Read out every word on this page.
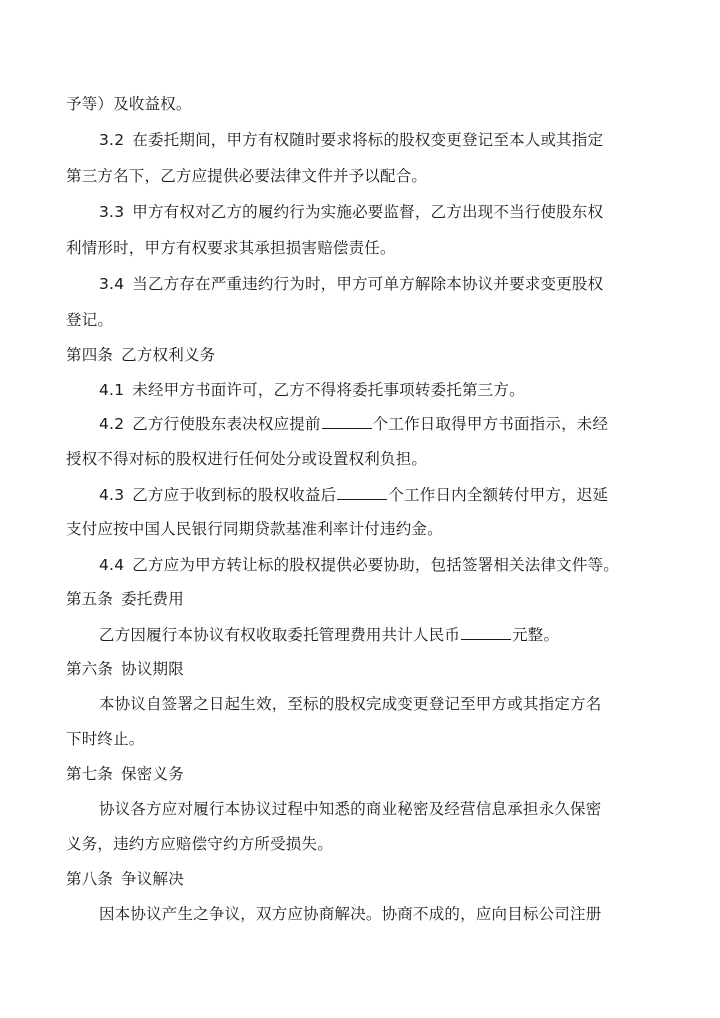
予等）及收益权。
3.2 在委托期间，甲方有权随时要求将标的股权变更登记至本人或其指定
第三方名下，乙方应提供必要法律文件并予以配合。
3.3 甲方有权对乙方的履约行为实施必要监督，乙方出现不当行使股东权
利情形时，甲方有权要求其承担损害赔偿责任。
3.4 当乙方存在严重违约行为时，甲方可单方解除本协议并要求变更股权
登记。
第四条 乙方权利义务
4.1 未经甲方书面许可，乙方不得将委托事项转委托第三方。
4.2 乙方行使股东表决权应提前	个工作日取得甲方书面指示，未经
授权不得对标的股权进行任何处分或设置权利负担。
4.3 乙方应于收到标的股权收益后	个工作日内全额转付甲方，迟延
支付应按中国人民银行同期贷款基准利率计付违约金。
4.4 乙方应为甲方转让标的股权提供必要协助，包括签署相关法律文件等。
第五条 委托费用
乙方因履行本协议有权收取委托管理费用共计人民币	元整。
第六条 协议期限
本协议自签署之日起生效，至标的股权完成变更登记至甲方或其指定方名
下时终止。
第七条 保密义务
协议各方应对履行本协议过程中知悉的商业秘密及经营信息承担永久保密
义务，违约方应赔偿守约方所受损失。
第八条 争议解决
因本协议产生之争议，双方应协商解决。协商不成的，应向目标公司注册
